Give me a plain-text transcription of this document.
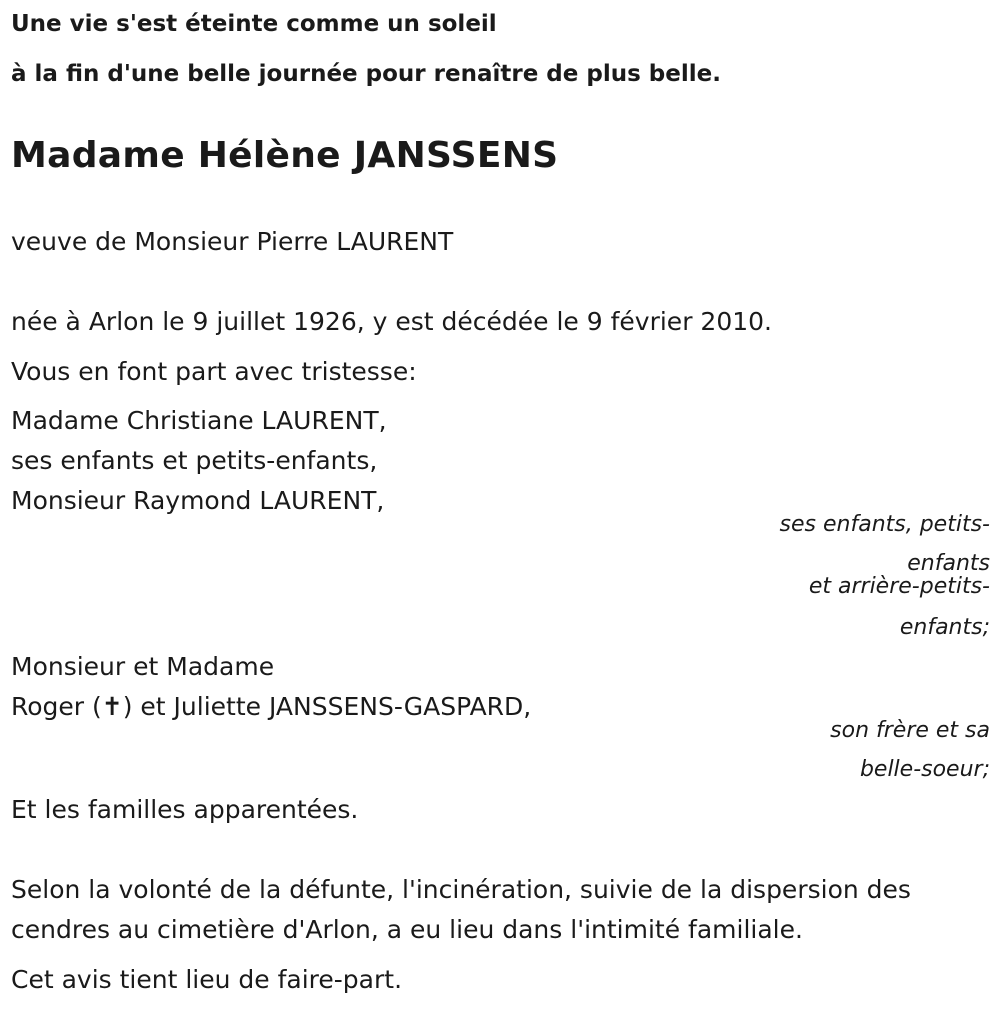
Une vie s'est éteinte comme un soleil
à la fin d'une belle journée pour renaître de plus belle.
Madame Hélène JANSSENS
veuve de Monsieur Pierre LAURENT
née à Arlon le 9 juillet 1926, y est décédée le 9 février 2010.
Vous en font part avec tristesse:
Madame Christiane LAURENT,
ses enfants et petits-enfants,
Monsieur Raymond LAURENT,
ses enfants, petits-
enfants
et arrière-petits-
enfants;
Monsieur et Madame
Roger (✝) et Juliette JANSSENS-GASPARD,
son frère et sa
belle-soeur;
Et les familles apparentées.
Selon la volonté de la défunte, l'incinération, suivie de la dispersion des
cendres au cimetière d'Arlon, a eu lieu dans l'intimité familiale.
Cet avis tient lieu de faire-part.
